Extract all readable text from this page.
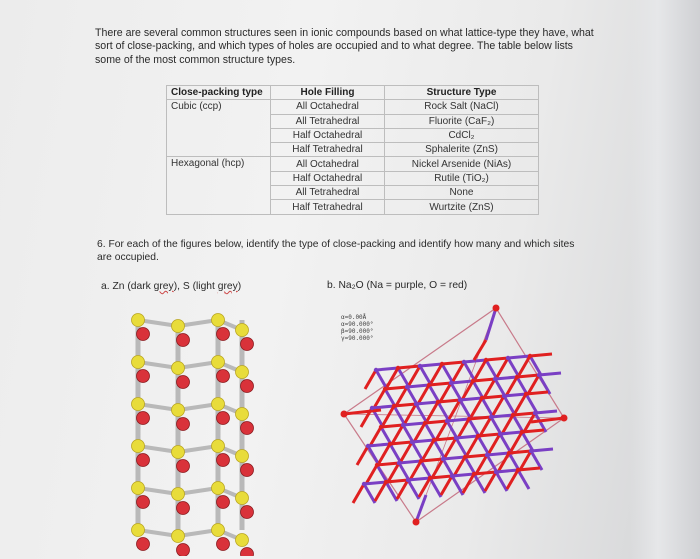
There are several common structures seen in ionic compounds based on what lattice-type they have, what sort of close-packing, and which types of holes are occupied and to what degree. The table below lists some of the most common structure types.
Close-packing type	Hole Filling	Structure Type
Cubic (ccp)	All Octahedral	Rock Salt (NaCl)
	All Tetrahedral	Fluorite (CaF₂)
	Half Octahedral	CdCl₂
	Half Tetrahedral	Sphalerite (ZnS)
Hexagonal (hcp)	All Octahedral	Nickel Arsenide (NiAs)
	Half Octahedral	Rutile (TiO₂)
	All Tetrahedral	None
	Half Tetrahedral	Wurtzite (ZnS)
6. For each of the figures below, identify the type of close-packing and identify how many and which sites are occupied.
a. Zn (dark grey), S (light grey)	b. Na₂O (Na = purple, O = red)
α=0.00Å
α=90.000°
β=90.000°
γ=90.000°
